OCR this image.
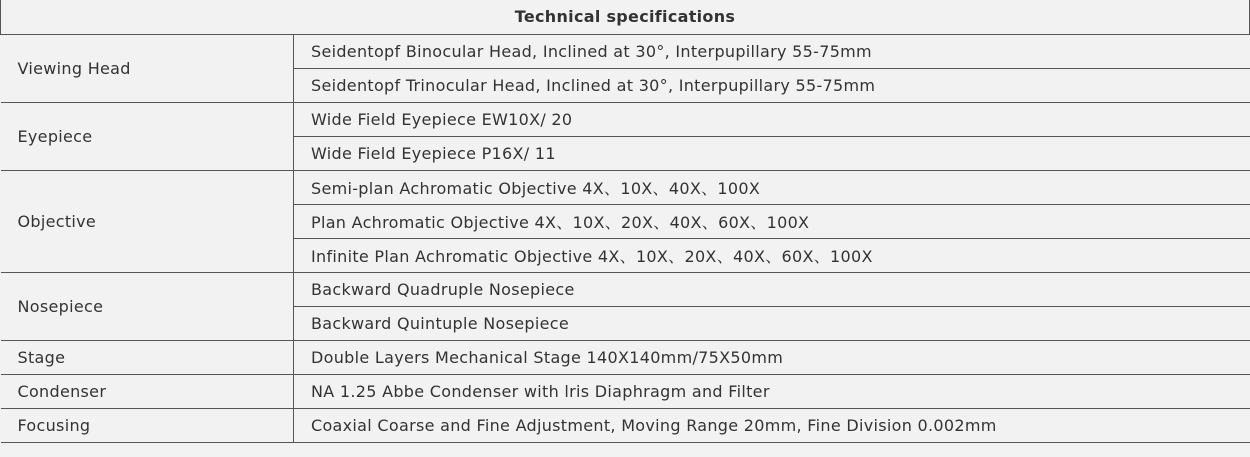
Technical specifications	
Viewing Head	Seidentopf Binocular Head, Inclined at 30°, Interpupillary 55-75mm
	Seidentopf Trinocular Head, Inclined at 30°, Interpupillary 55-75mm
Eyepiece	Wide Field Eyepiece EW10X/ 20
	Wide Field Eyepiece P16X/ 11
Objective	Semi-plan Achromatic Objective 4X、10X、40X、100X
	Plan Achromatic Objective 4X、10X、20X、40X、60X、100X
	Infinite Plan Achromatic Objective 4X、10X、20X、40X、60X、100X
Nosepiece	Backward Quadruple Nosepiece
	Backward Quintuple Nosepiece
Stage	Double Layers Mechanical Stage 140X140mm/75X50mm
Condenser	NA 1.25 Abbe Condenser with lris Diaphragm and Filter
Focusing	Coaxial Coarse and Fine Adjustment, Moving Range 20mm, Fine Division 0.002mm
